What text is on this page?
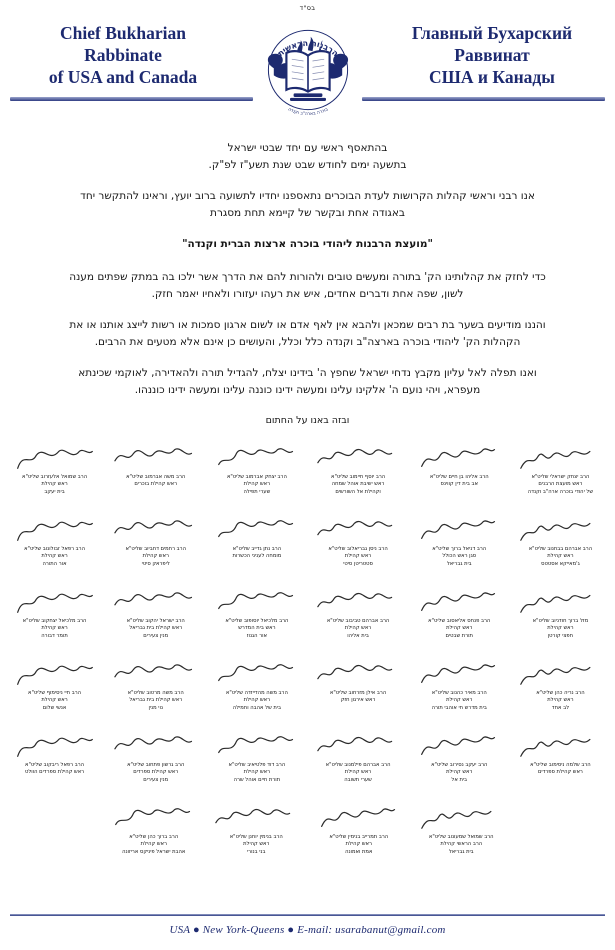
בס"ד
Chief Bukharian
Rabbinate
of USA and Canada
Главный Бухарский
Раввинат
США и Канады
הרבנות הראשית
בוכרה בארה"ב וקנדה

בהתאסף ראשי עם יחד שבטי ישראל
בתשעה ימים לחודש שבט שנת תשע"ז לפ"ק.

אנו רבני וראשי קהלות הקרושות לעדת הבוכרים נתאספנו יחדיו לתשועה ברוב יועץ, וראינו להתקשר יחד
באגודה אחת ובקשר של קיימא תחת מסגרת

"מועצת הרבנות ליהודי בוכרה ארצות הברית וקנדה"

כדי לחזק את קהלותינו הק' בתורה ומעשים טובים ולהורות להם את הדרך אשר ילכו בה במתק שפתים מענה
לשון, שפה אחת ודברים אחדים, איש את רעהו יעזורו ולאחיו יאמר חזק.

והננו מודיעים בשער בת רבים שמכאן ולהבא אין לאף אדם או לשום ארגון סמכות או רשות לייצג אותנו או את
הקהלות הק' ליהודי בוכרה בארצה"ב וקנדה כלל וכלל, והעושים כן אינם אלא מטעים את הרבים.

ואנו תפלה לאל עליון מקבץ נדחי ישראל שחפץ ה' בידינו יצלח, להגדיל תורה ולהאדירה, לאוקמי שכינתא
מעפרא, ויהי נועם ה' אלקינו עלינו ומעשה ידינו כוננה עלינו ומעשה ידינו כוננהו.

ובזה באנו על החתום

הרב יצחק ישראלי שליט"א
ראש מועצת הרבנים
של יהודי בוכרה ארה"ב וקנדה
הרב אליהו בן חיים שליט"א
אב בית דין קווינס
הרב יוסף חיימוב שליט"א
ראש ישיבת אוהל שמחה
וקהילת אל השורשים
הרב יצחק אברמוב שליט"א
ראש קהילת
שערי תפילה
הרב משה אברמוב שליט"א
ראש קהילת בוכרים
הרב שמואל אלעזרוב שליט"א
ראש קהילת
בית יעקב
הרב אברהם בבחנוב שליט"א
ראש קהילת
ג'מאייקא אסטטס
הרב דניאל ברוך שליט"א
סגן ראש הכולל
בית גבריאל
הרב ניסן גבריאלוב שליט"א
ראש קהילת
סטטריטן סיטי
הרב נתן גדייב שליט"א
מומחה לעניני הכשרות
הרב רחמים דחביוב שליט"א
ראש קהילת
ליפראק סיטי
הרב רפאל זבולונוב שליט"א
ראש קהילת
אור התורה
מזל ברוך חודניוב שליט"א
ראש קהילת
חפצי קורטן
הרב פנחס אליאסוב שליט"א
ראש קהילת
תורת שבטים
הרב אברהם טביבוב שליט"א
ראש קהילת
בית אליהו
הרב מלכיאל יוסופוב שליט"א
ראש בית המדרש
אור הגנוז
הרב ישראל יהקוב שליט"א
ראש קהילת בית גבריאל
מנין צעירים
הרב מלכיאל יצחקוב שליט"א
ראש קהילת
תומר דבורה
הרב נריה כהן שליט"א
ראש קהילת
לב אחד
הרב מאיר כהנוב שליט"א
ראש קהילת
בית מדרש חי אוהבי תורה
הרב אילן מזרחוב שליט"א
ראש אירגון חזק
הרב משה מהדייזדה שליט"א
ראש קהילת
בית של אהבה וחמילה
הרב משה מרטוב שליט"א
ראש קהילת בית גבריאל
נוי מנין
הרב חיי ניסימוף שליט"א
ראש קהילת
אנשי שלום
הרב שלמה ניסימוב שליט"א
ראש קהילת ספרדים
הרב יעקב נסירוב שליט"א
ראש קהילת
בית אל
הרב אברהם פילמנוב שליט"א
ראש קהילת
שערי תשובה
הרב דוד פלטיאיב שליט"א
ראש קהילת
תורת חיים אוהל שרה
הרב גרשון פתחוב שליט"א
ראש קהילת ספרדים
מנין צעירים
הרב רפאל ריבקוב שליט"א
ראש קהילת ספרדים הוולט
הרב שמואל שמעונוב שליט"א
הרב הראשי קהילת
בית גבריאל
הרב תמרייב בנימין שליט"א
ראש קהילת
אמת ואמונה
הרב בנימין יוחנן שליט"א
ראש קהילת
בני בנורי
הרב ברוך כהן שליט"א
ראש קהילת
אהבת ישראל פיניקס אריזונה
USA ● New York-Queens ● E-mail: usarabanut@gmail.com
